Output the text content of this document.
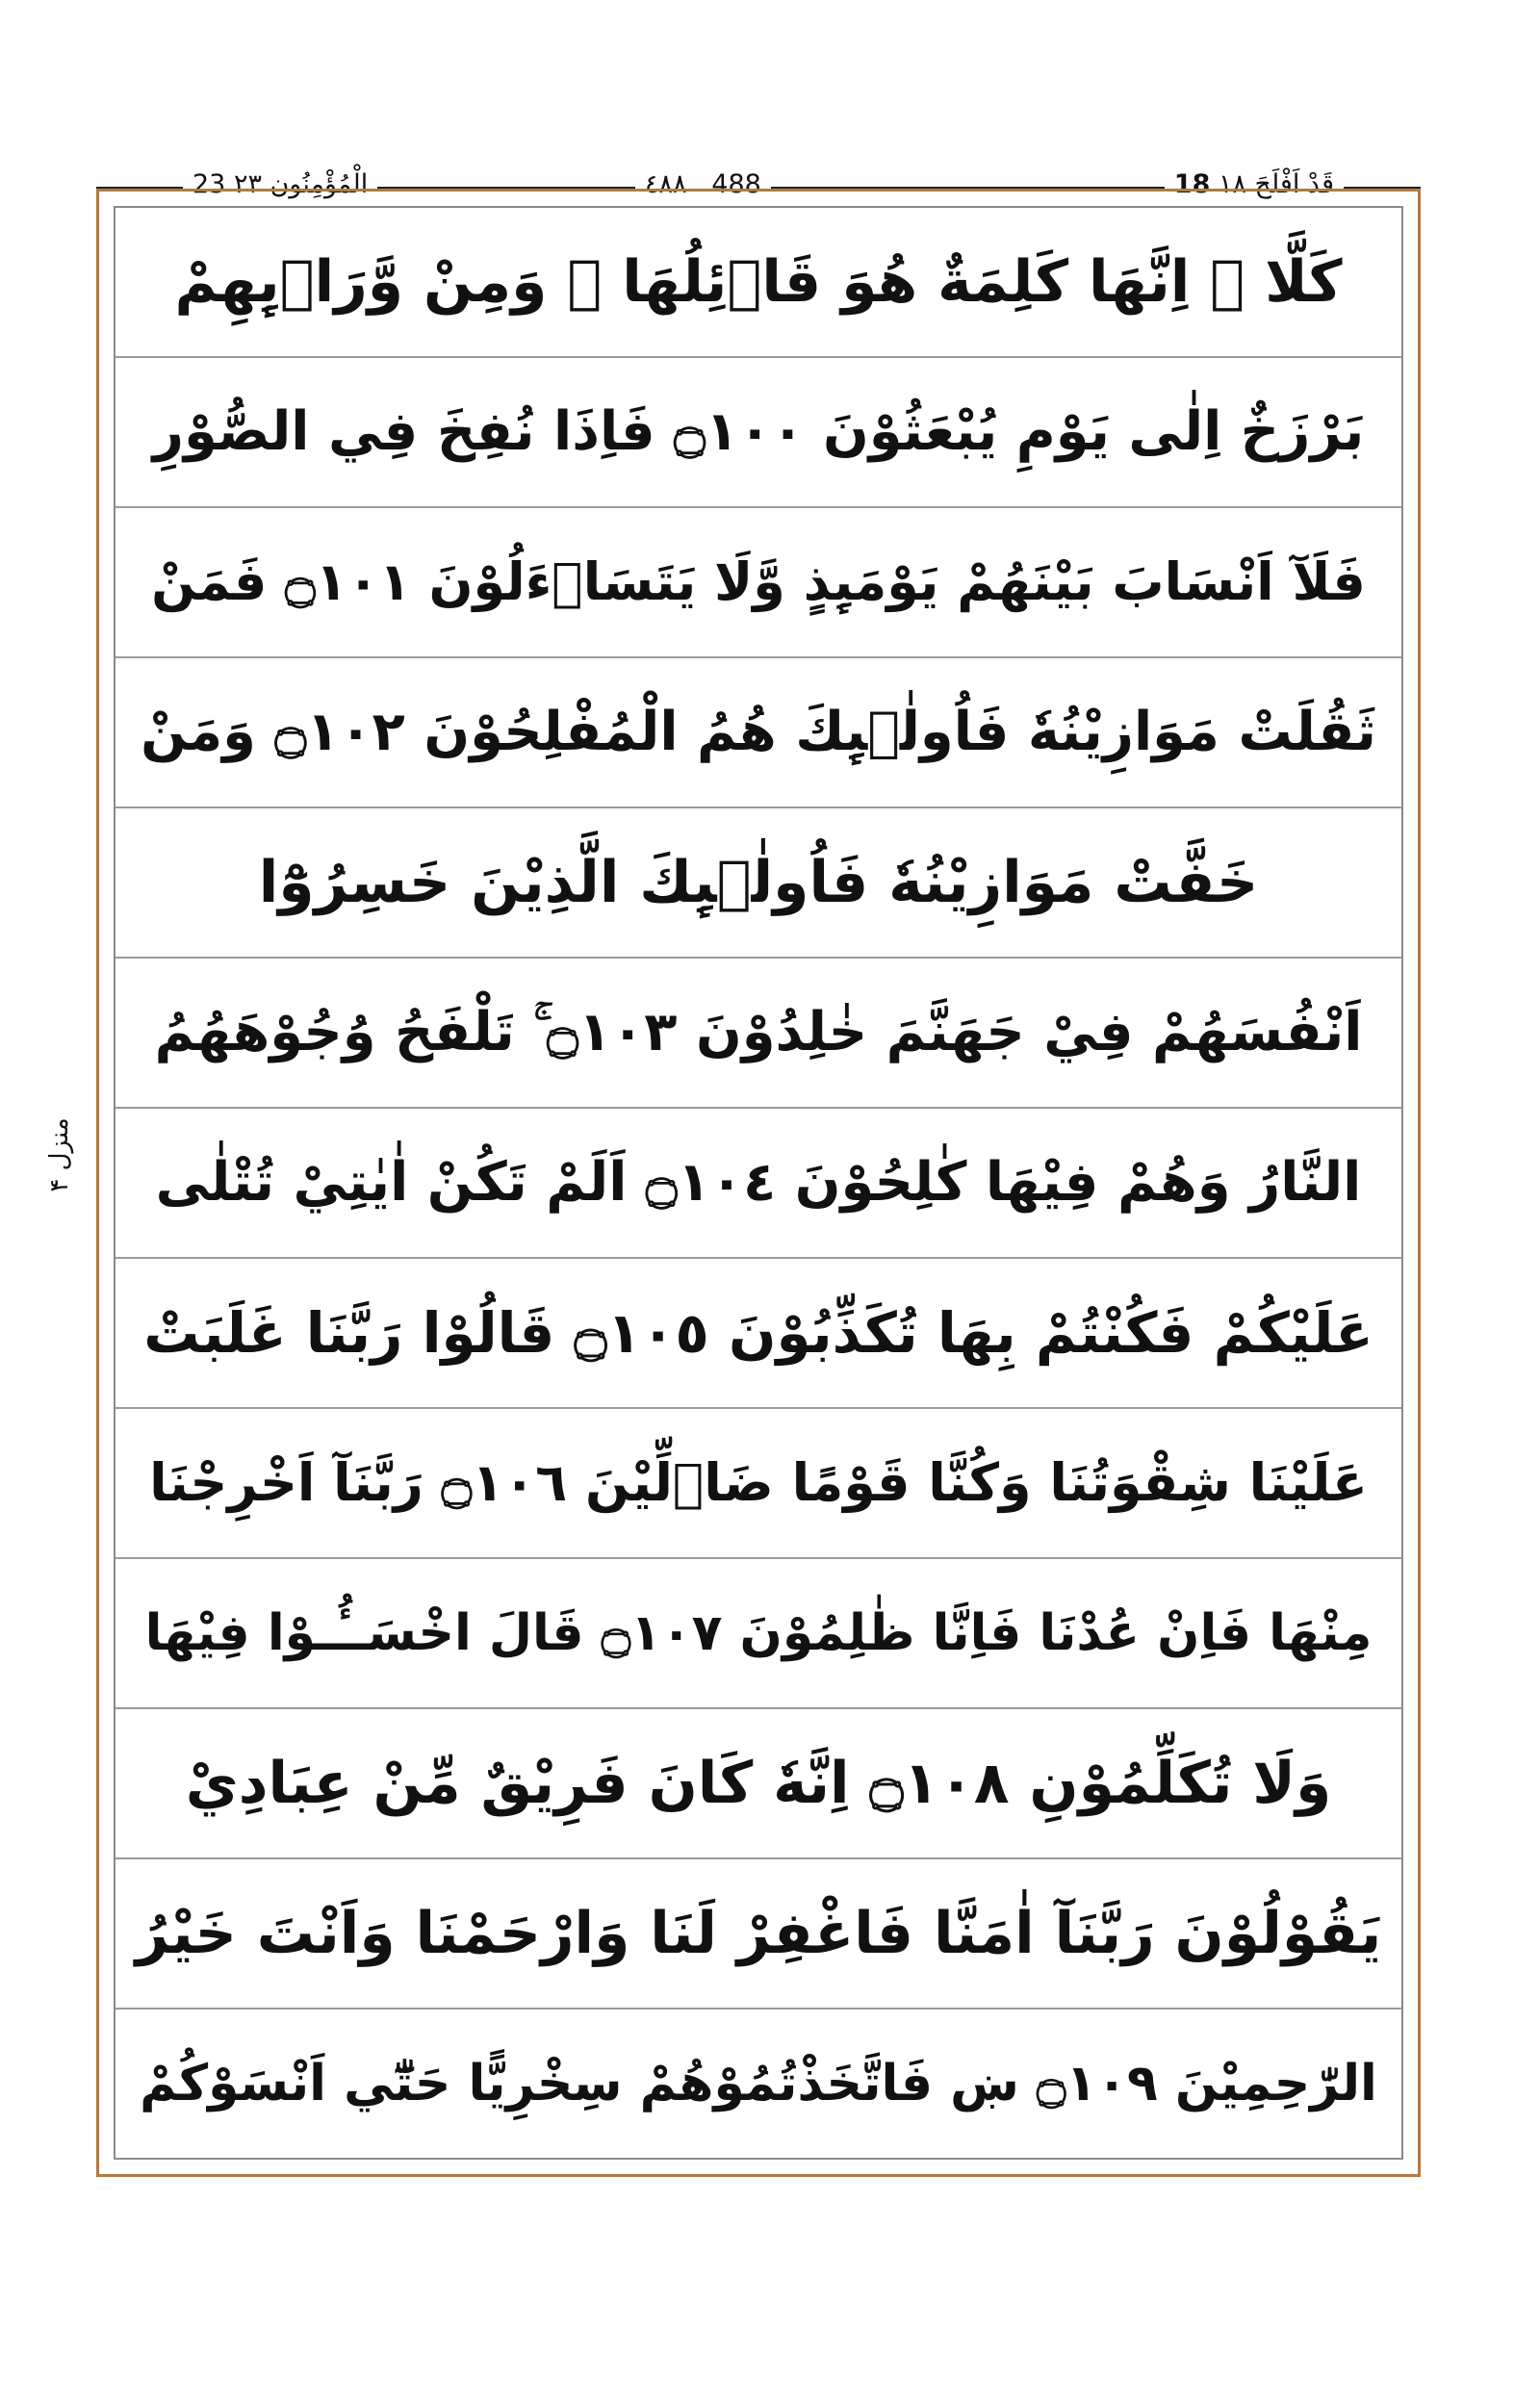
23 الْمُؤْمِنُون ٢٣	٤٨٨ 488	18 قَدْ اَفْلَحَ ١٨
منزل ۴
كَلَّا ۭ اِنَّهَا كَلِمَةٌ هُوَ قَاۗئِلُهَا ۭ وَمِنْ وَّرَاۗىِٕهِمْ
بَرْزَخٌ اِلٰى يَوْمِ يُبْعَثُوْنَ ۝١٠٠ فَاِذَا نُفِخَ فِي الصُّوْرِ
فَلَآ اَنْسَابَ بَيْنَهُمْ يَوْمَىِٕذٍ وَّلَا يَتَسَاۗءَلُوْنَ ۝١٠١ فَمَنْ
ثَقُلَتْ مَوَازِيْنُهٗ فَاُولٰۗىِٕكَ هُمُ الْمُفْلِحُوْنَ ۝١٠٢ وَمَنْ
خَفَّتْ مَوَازِيْنُهٗ فَاُولٰۗىِٕكَ الَّذِيْنَ خَسِرُوْٓا
اَنْفُسَهُمْ فِيْ جَهَنَّمَ خٰلِدُوْنَ ۝١٠٣ ۚ تَلْفَحُ وُجُوْهَهُمُ
النَّارُ وَهُمْ فِيْهَا كٰلِحُوْنَ ۝١٠٤ اَلَمْ تَكُنْ اٰيٰتِيْ تُتْلٰى
عَلَيْكُمْ فَكُنْتُمْ بِهَا تُكَذِّبُوْنَ ۝١٠٥ قَالُوْا رَبَّنَا غَلَبَتْ
عَلَيْنَا شِقْوَتُنَا وَكُنَّا قَوْمًا ضَاۗلِّيْنَ ۝١٠٦ رَبَّنَآ اَخْرِجْنَا
مِنْهَا فَاِنْ عُدْنَا فَاِنَّا ظٰلِمُوْنَ ۝١٠٧ قَالَ اخْسَــُٔـوْا فِيْهَا
وَلَا تُكَلِّمُوْنِ ۝١٠٨ اِنَّهٗ كَانَ فَرِيْقٌ مِّنْ عِبَادِيْ
يَقُوْلُوْنَ رَبَّنَآ اٰمَنَّا فَاغْفِرْ لَنَا وَارْحَمْنَا وَاَنْتَ خَيْرُ
الرّٰحِمِيْنَ ۝١٠٩ ښ فَاتَّخَذْتُمُوْهُمْ سِخْرِيًّا حَتّٰٓي اَنْسَوْكُمْ
